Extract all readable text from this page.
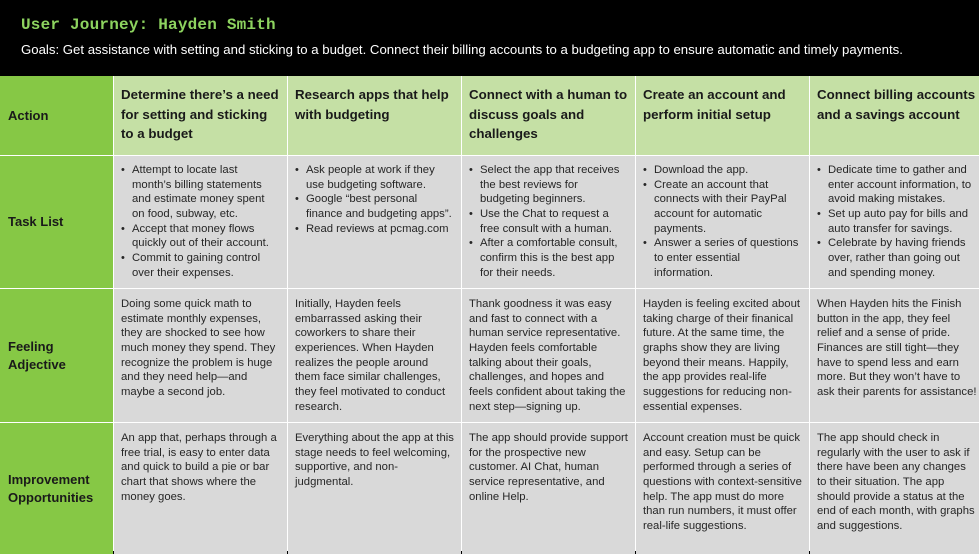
User Journey: Hayden Smith
Goals: Get assistance with setting and sticking to a budget. Connect their billing accounts to a budgeting app to ensure automatic and timely payments.
Action
Determine there’s a need for setting and sticking to a budget
Research apps that help with budgeting
Connect with a human to discuss goals and challenges
Create an account and perform initial setup
Connect billing accounts and a savings account
Task List
• Attempt to locate last month’s billing statements and estimate money spent on food, subway, etc.
• Accept that money flows quickly out of their account.
• Commit to gaining control over their expenses.
• Ask people at work if they use budgeting software.
• Google “best personal finance and budgeting apps”.
• Read reviews at pcmag.com
• Select the app that receives the best reviews for budgeting beginners.
• Use the Chat to request a free consult with a human.
• After a comfortable consult, confirm this is the best app for their needs.
• Download the app.
• Create an account that connects with their PayPal account for automatic payments.
• Answer a series of questions to enter essential information.
• Dedicate time to gather and enter account information, to avoid making mistakes.
• Set up auto pay for bills and auto transfer for savings.
• Celebrate by having friends over, rather than going out and spending money.
Feeling Adjective
Doing some quick math to estimate monthly expenses, they are shocked to see how much money they spend. They recognize the problem is huge and they need help—and maybe a second job.
Initially, Hayden feels embarrassed asking their coworkers to share their experiences. When Hayden realizes the people around them face similar challenges, they feel motivated to conduct research.
Thank goodness it was easy and fast to connect with a human service representative. Hayden feels comfortable talking about their goals, challenges, and hopes and feels confident about taking the next step—signing up.
Hayden is feeling excited about taking charge of their finanical future. At the same time, the graphs show they are living beyond their means. Happily, the app provides real-life suggestions for reducing non-essential expenses.
When Hayden hits the Finish button in the app, they feel relief and a sense of pride. Finances are still tight—they have to spend less and earn more. But they won’t have to ask their parents for assistance!
Improvement Opportunities
An app that, perhaps through a free trial, is easy to enter data and quick to build a pie or bar chart that shows where the money goes.
Everything about the app at this stage needs to feel welcoming, supportive, and non-judgmental.
The app should provide support for the prospective new customer. AI Chat, human service representative, and online Help.
Account creation must be quick and easy. Setup can be performed through a series of questions with context-sensitive help. The app must do more than run numbers, it must offer real-life suggestions.
The app should check in regularly with the user to ask if there have been any changes to their situation. The app should provide a status at the end of each month, with graphs and suggestions.
